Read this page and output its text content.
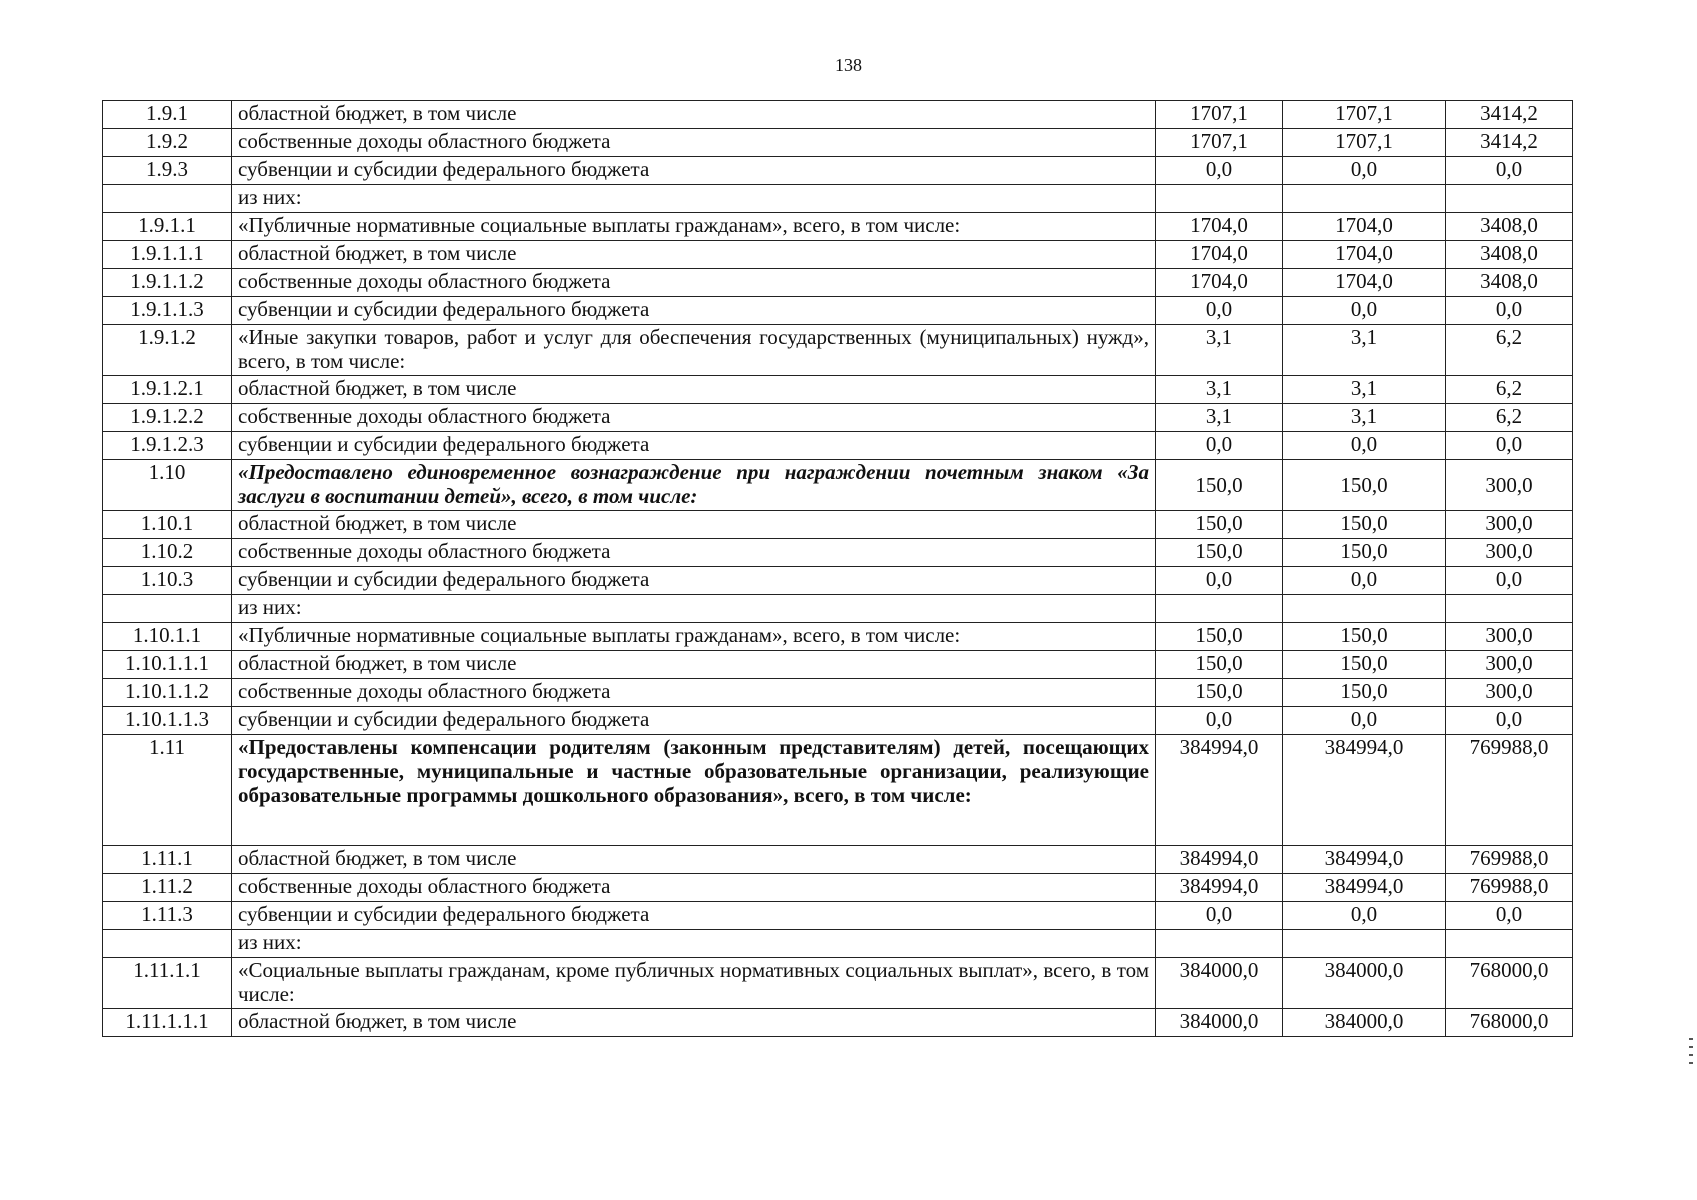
138
1.9.1	областной бюджет, в том числе	1707,1	1707,1	3414,2
1.9.2	собственные доходы областного бюджета	1707,1	1707,1	3414,2
1.9.3	субвенции и субсидии федерального бюджета	0,0	0,0	0,0
	из них:			
1.9.1.1	«Публичные нормативные социальные выплаты гражданам», всего, в том числе:	1704,0	1704,0	3408,0
1.9.1.1.1	областной бюджет, в том числе	1704,0	1704,0	3408,0
1.9.1.1.2	собственные доходы областного бюджета	1704,0	1704,0	3408,0
1.9.1.1.3	субвенции и субсидии федерального бюджета	0,0	0,0	0,0
1.9.1.2	«Иные закупки товаров, работ и услуг для обеспечения государственных (муниципальных) нужд», всего, в том числе:	3,1	3,1	6,2
1.9.1.2.1	областной бюджет, в том числе	3,1	3,1	6,2
1.9.1.2.2	собственные доходы областного бюджета	3,1	3,1	6,2
1.9.1.2.3	субвенции и субсидии федерального бюджета	0,0	0,0	0,0
1.10	«Предоставлено единовременное вознаграждение при награждении почетным знаком «За заслуги в воспитании детей», всего, в том числе:	150,0	150,0	300,0
1.10.1	областной бюджет, в том числе	150,0	150,0	300,0
1.10.2	собственные доходы областного бюджета	150,0	150,0	300,0
1.10.3	субвенции и субсидии федерального бюджета	0,0	0,0	0,0
	из них:			
1.10.1.1	«Публичные нормативные социальные выплаты гражданам», всего, в том числе:	150,0	150,0	300,0
1.10.1.1.1	областной бюджет, в том числе	150,0	150,0	300,0
1.10.1.1.2	собственные доходы областного бюджета	150,0	150,0	300,0
1.10.1.1.3	субвенции и субсидии федерального бюджета	0,0	0,0	0,0
1.11	«Предоставлены компенсации родителям (законным представителям) детей, посещающих государственные, муниципальные и частные образовательные организации, реализующие образовательные программы дошкольного образования», всего, в том числе:	384994,0	384994,0	769988,0
1.11.1	областной бюджет, в том числе	384994,0	384994,0	769988,0
1.11.2	собственные доходы областного бюджета	384994,0	384994,0	769988,0
1.11.3	субвенции и субсидии федерального бюджета	0,0	0,0	0,0
	из них:			
1.11.1.1	«Социальные выплаты гражданам, кроме публичных нормативных социальных выплат», всего, в том числе:	384000,0	384000,0	768000,0
1.11.1.1.1	областной бюджет, в том числе	384000,0	384000,0	768000,0
